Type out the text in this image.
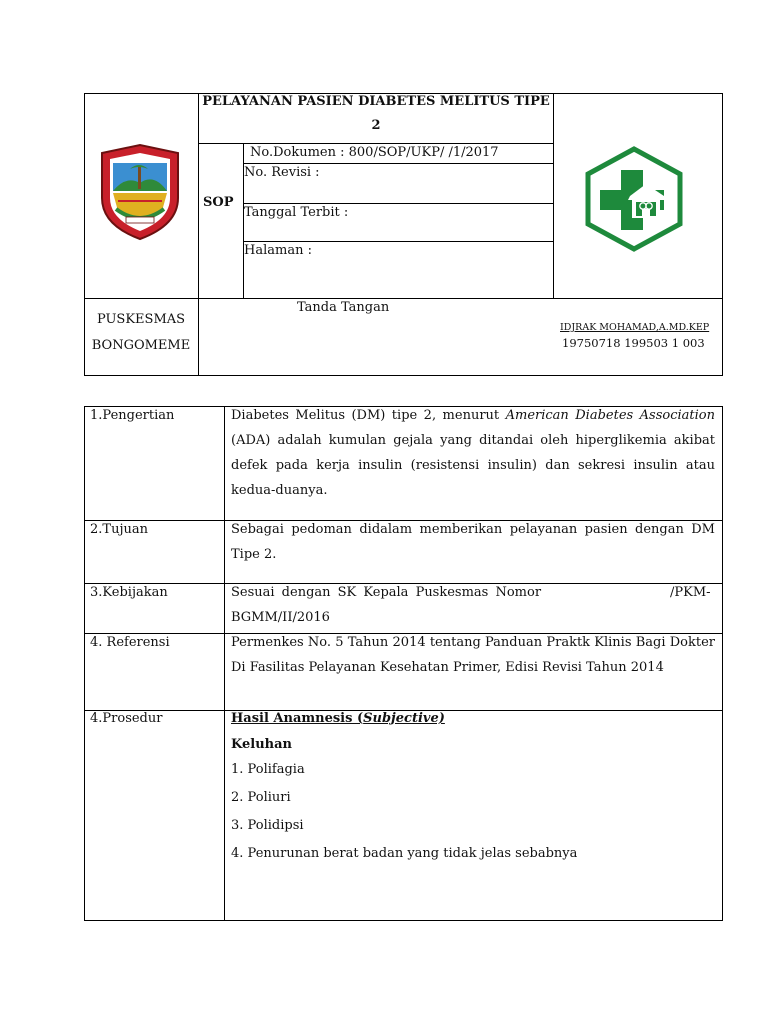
PELAYANAN PASIEN DIABETES MELITUS TIPE
2
SOP
No.Dokumen : 800/SOP/UKP/ /1/2017
No. Revisi :
Tanggal Terbit :
Halaman :
PUSKESMAS
BONGOMEME
Tanda Tangan
IDJRAK MOHAMAD,A.MD.KEP
19750718 199503 1 003
1.Pengertian	Diabetes Melitus (DM) tipe 2, menurut American Diabetes Association (ADA) adalah kumulan gejala yang ditandai oleh hiperglikemia akibat defek pada kerja insulin (resistensi insulin) dan sekresi insulin atau kedua-duanya.
2.Tujuan	Sebagai pedoman didalam memberikan pelayanan pasien dengan DM Tipe 2.
3.Kebijakan	Sesuai dengan SK Kepala Puskesmas Nomor	/PKM-
BGMM/II/2016
4. Referensi	Permenkes No. 5 Tahun 2014 tentang Panduan Praktk Klinis Bagi Dokter Di Fasilitas Pelayanan Kesehatan Primer, Edisi Revisi Tahun 2014
4.Prosedur	Hasil Anamnesis (Subjective)
Keluhan
1. Polifagia
2. Poliuri
3. Polidipsi
4. Penurunan berat badan yang tidak jelas sebabnya
